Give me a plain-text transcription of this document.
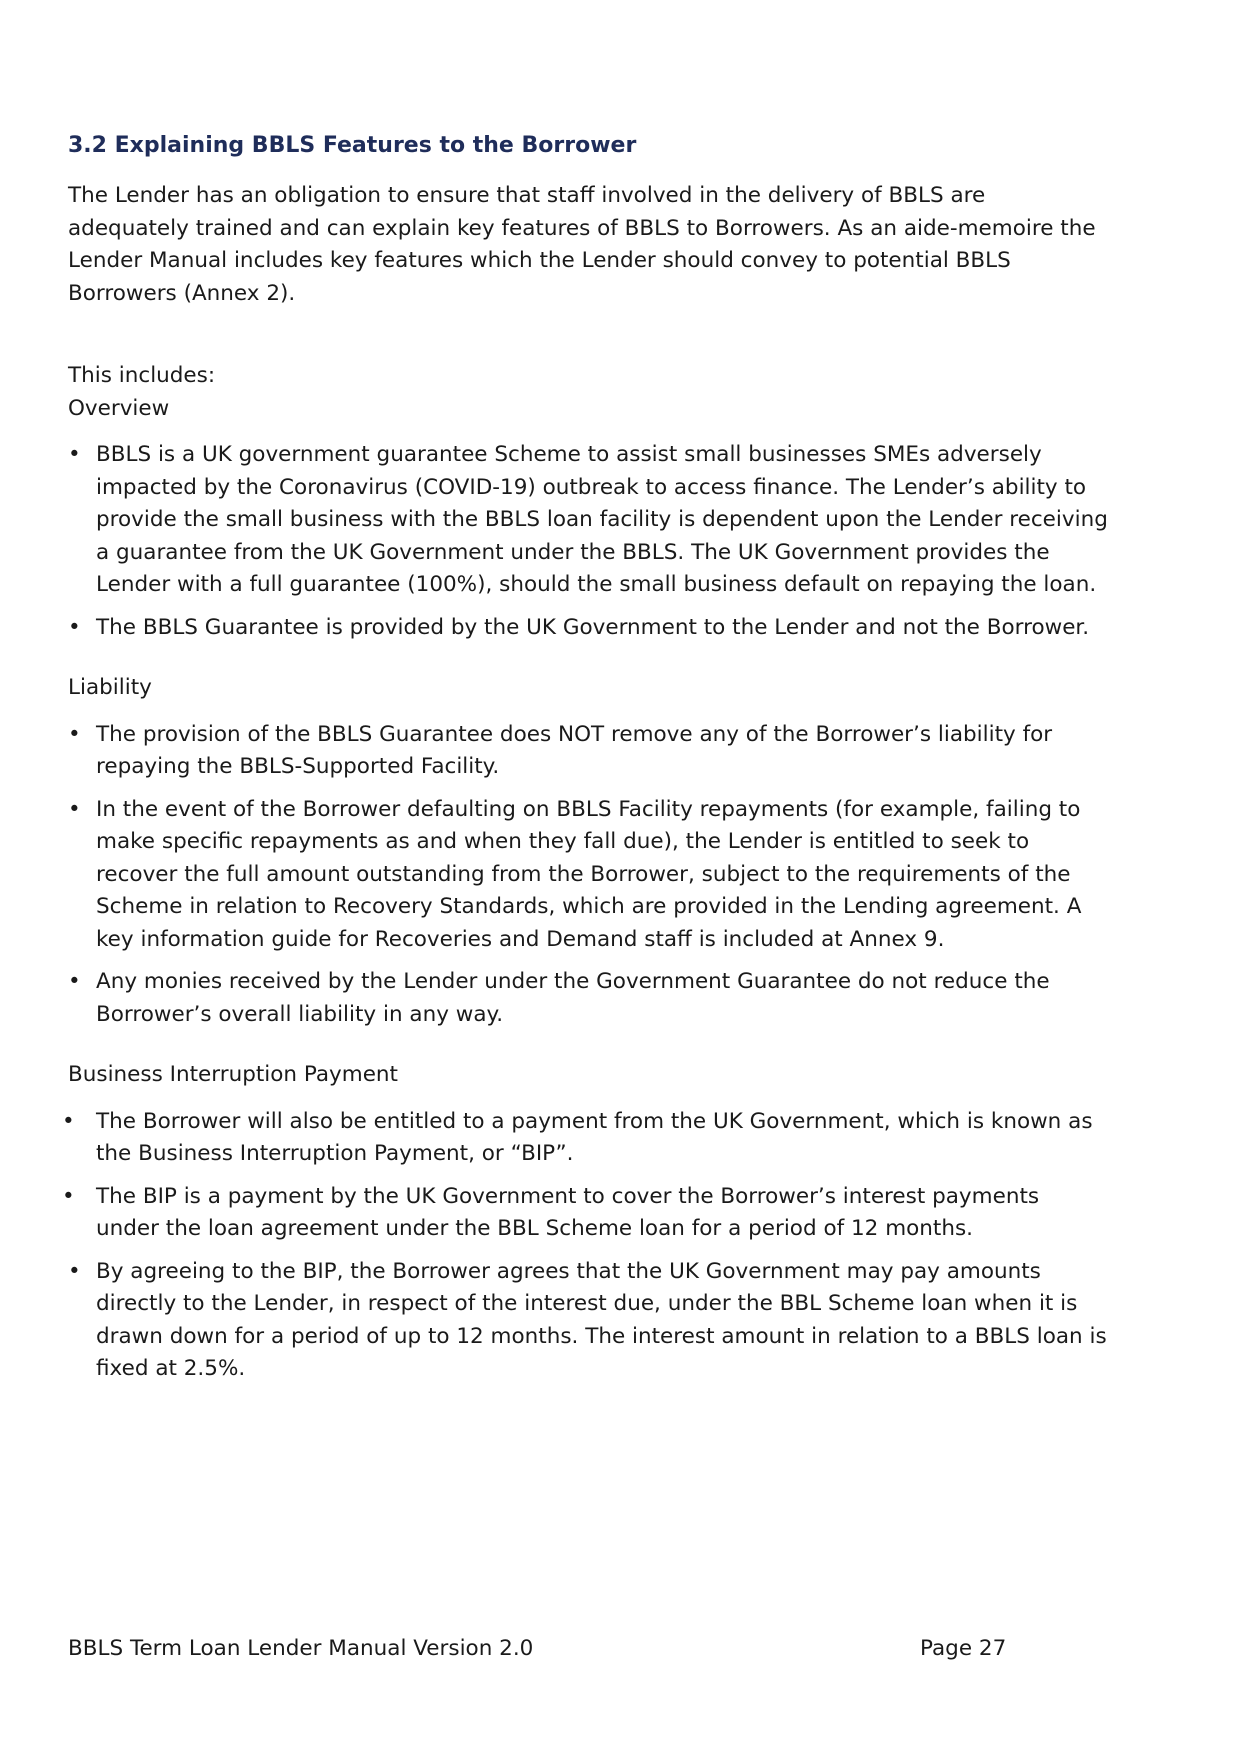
3.2 Explaining BBLS Features to the Borrower

The Lender has an obligation to ensure that staff involved in the delivery of BBLS are adequately trained and can explain key features of BBLS to Borrowers. As an aide-memoire the Lender Manual includes key features which the Lender should convey to potential BBLS Borrowers (Annex 2).

This includes:

Overview

• BBLS is a UK government guarantee Scheme to assist small businesses SMEs adversely impacted by the Coronavirus (COVID-19) outbreak to access finance. The Lender’s ability to provide the small business with the BBLS loan facility is dependent upon the Lender receiving a guarantee from the UK Government under the BBLS. The UK Government provides the Lender with a full guarantee (100%), should the small business default on repaying the loan.
• The BBLS Guarantee is provided by the UK Government to the Lender and not the Borrower.

Liability

• The provision of the BBLS Guarantee does NOT remove any of the Borrower’s liability for repaying the BBLS-Supported Facility.
• In the event of the Borrower defaulting on BBLS Facility repayments (for example, failing to make specific repayments as and when they fall due), the Lender is entitled to seek to recover the full amount outstanding from the Borrower, subject to the requirements of the Scheme in relation to Recovery Standards, which are provided in the Lending agreement. A key information guide for Recoveries and Demand staff is included at Annex 9.
• Any monies received by the Lender under the Government Guarantee do not reduce the Borrower’s overall liability in any way.

Business Interruption Payment

• The Borrower will also be entitled to a payment from the UK Government, which is known as the Business Interruption Payment, or “BIP”.
• The BIP is a payment by the UK Government to cover the Borrower’s interest payments under the loan agreement under the BBL Scheme loan for a period of 12 months.
• By agreeing to the BIP, the Borrower agrees that the UK Government may pay amounts directly to the Lender, in respect of the interest due, under the BBL Scheme loan when it is drawn down for a period of up to 12 months. The interest amount in relation to a BBLS loan is fixed at 2.5%.
BBLS Term Loan Lender Manual Version 2.0	Page 27
